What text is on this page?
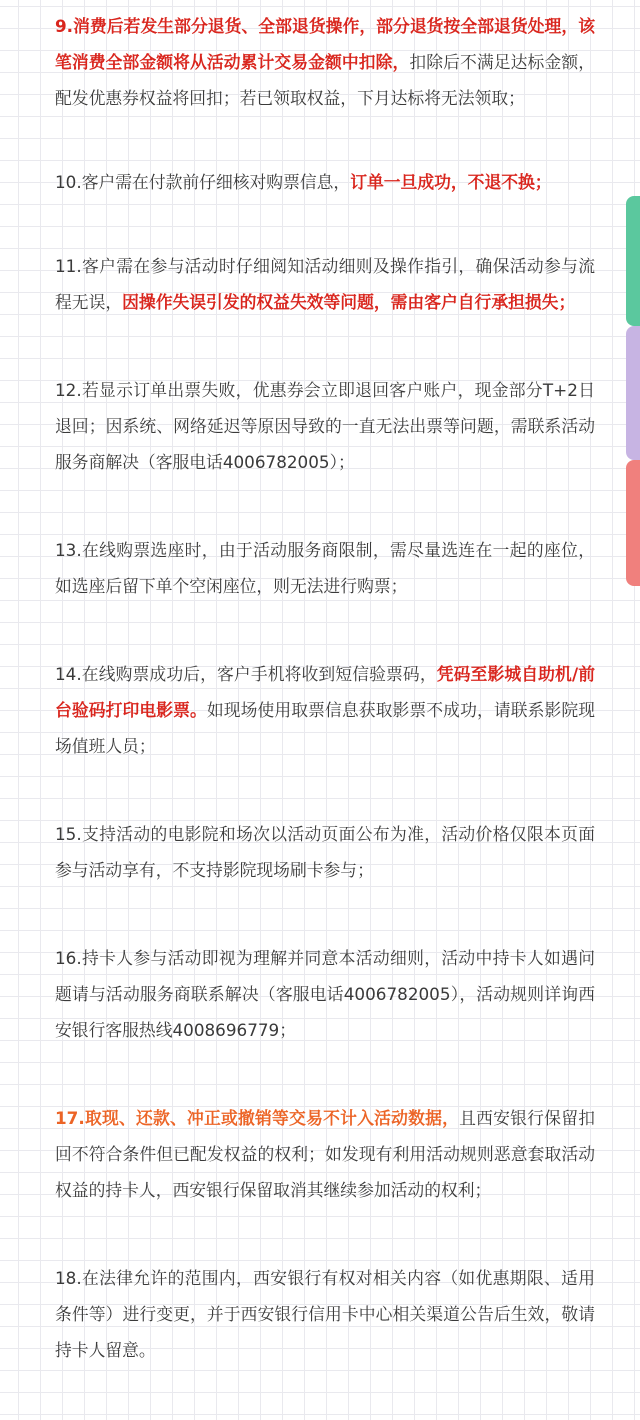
9.消费后若发生部分退货、全部退货操作，部分退货按全部退货处理，该笔消费全部金额将从活动累计交易金额中扣除，扣除后不满足达标金额，配发优惠券权益将回扣；若已领取权益，下月达标将无法领取；

10.客户需在付款前仔细核对购票信息，订单一旦成功，不退不换；

11.客户需在参与活动时仔细阅知活动细则及操作指引，确保活动参与流程无误，因操作失误引发的权益失效等问题，需由客户自行承担损失；

12.若显示订单出票失败，优惠券会立即退回客户账户，现金部分T+2日退回；因系统、网络延迟等原因导致的一直无法出票等问题，需联系活动服务商解决（客服电话4006782005）；

13.在线购票选座时，由于活动服务商限制，需尽量选连在一起的座位，如选座后留下单个空闲座位，则无法进行购票；

14.在线购票成功后，客户手机将收到短信验票码，凭码至影城自助机/前台验码打印电影票。如现场使用取票信息获取影票不成功，请联系影院现场值班人员；

15.支持活动的电影院和场次以活动页面公布为准，活动价格仅限本页面参与活动享有，不支持影院现场刷卡参与；

16.持卡人参与活动即视为理解并同意本活动细则，活动中持卡人如遇问题请与活动服务商联系解决（客服电话4006782005），活动规则详询西安银行客服热线4008696779；

17.取现、还款、冲正或撤销等交易不计入活动数据，且西安银行保留扣回不符合条件但已配发权益的权利；如发现有利用活动规则恶意套取活动权益的持卡人，西安银行保留取消其继续参加活动的权利；

18.在法律允许的范围内，西安银行有权对相关内容（如优惠期限、适用条件等）进行变更，并于西安银行信用卡中心相关渠道公告后生效，敬请持卡人留意。
